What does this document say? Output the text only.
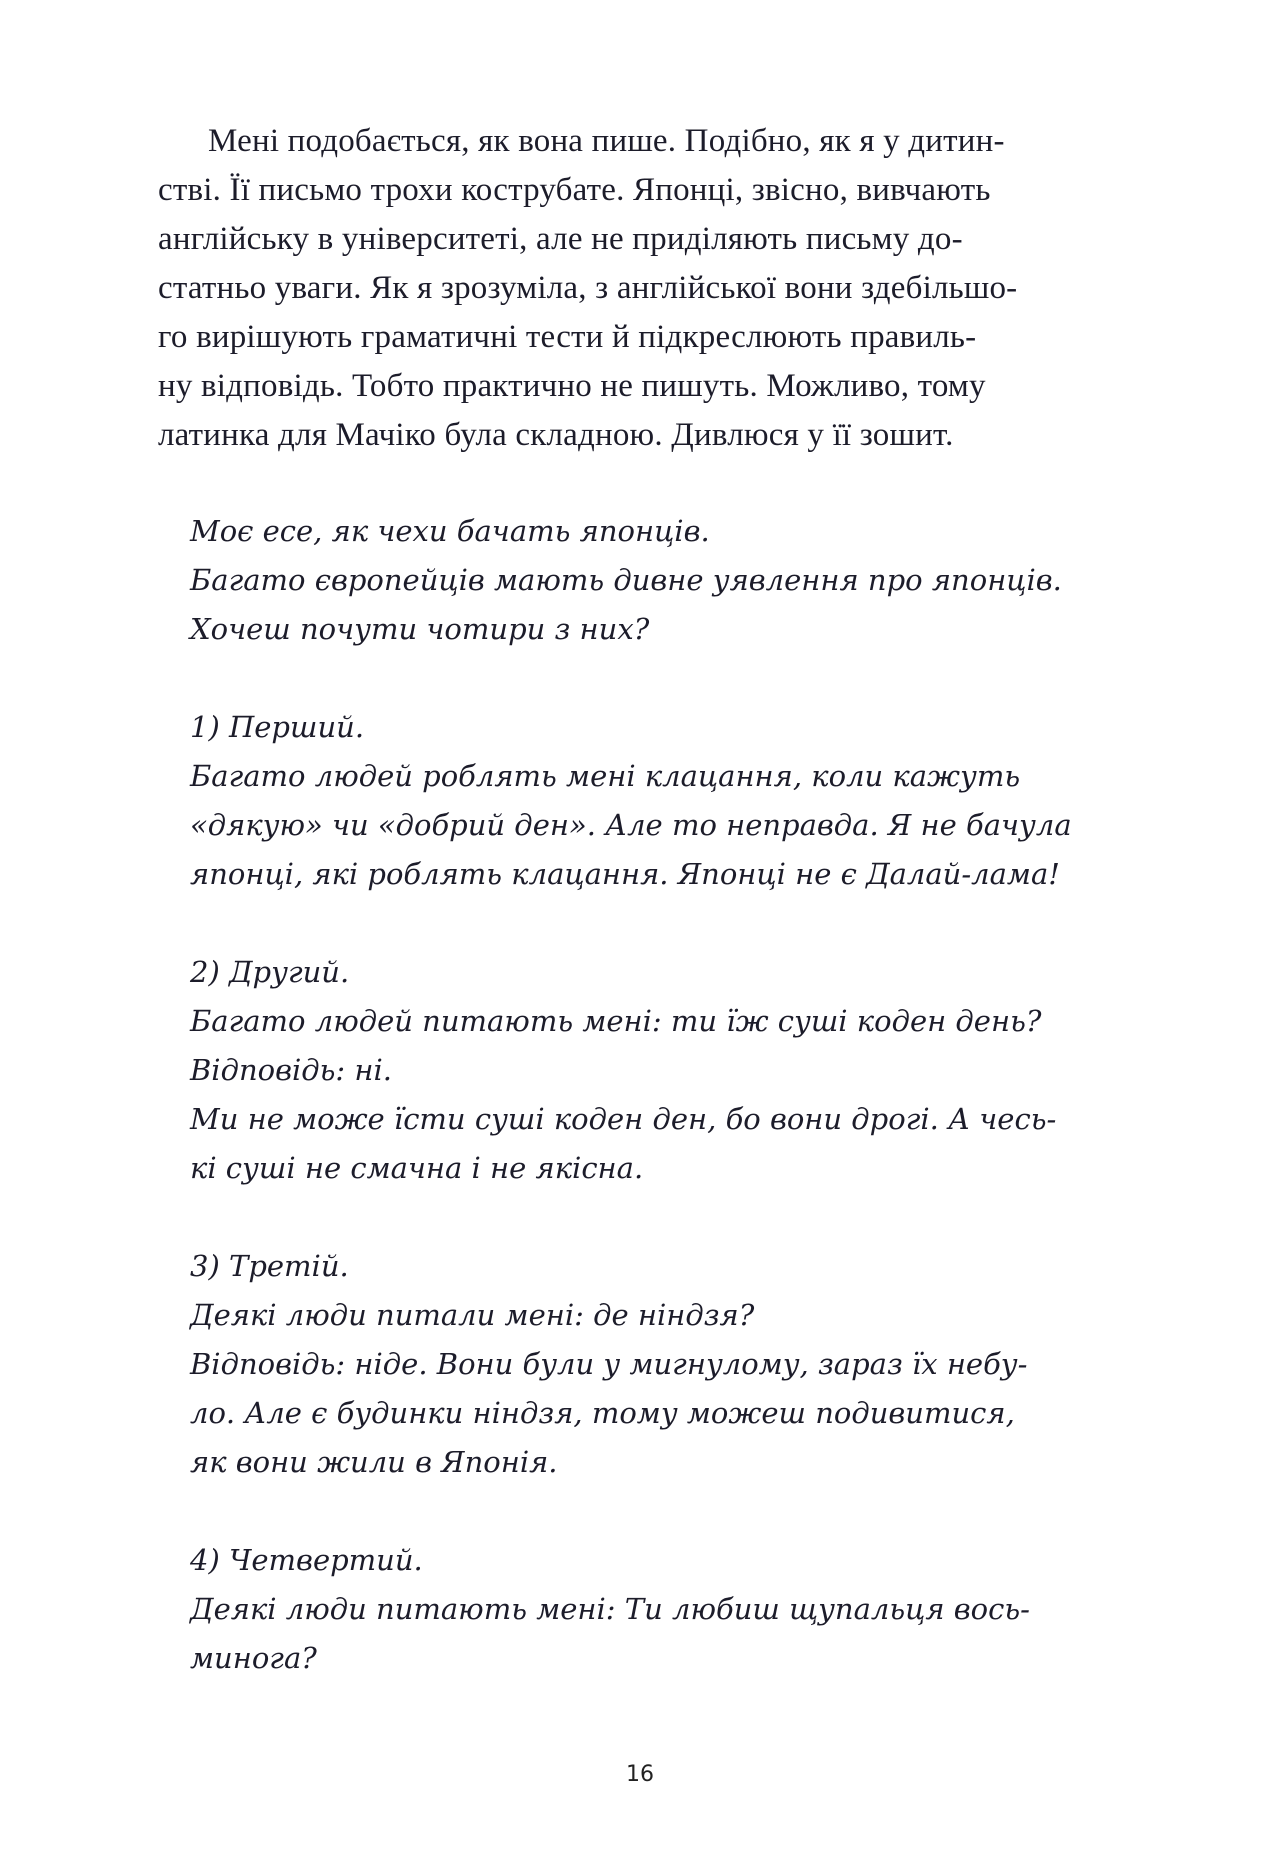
Мені подобається, як вона пише. Подібно, як я у дитин-
стві. Її письмо трохи кострубате. Японці, звісно, вивчають
англійську в університеті, але не приділяють письму до-
статньо уваги. Як я зрозуміла, з англійської вони здебільшо-
го вирішують граматичні тести й підкреслюють правиль-
ну відповідь. Тобто практично не пишуть. Можливо, тому
латинка для Мачіко була складною. Дивлюся у її зошит.
Моє есе, як чехи бачать японців.
Багато європейців мають дивне уявлення про японців.
Хочеш почути чотири з них?
1) Перший.
Багато людей роблять мені клацання, коли кажуть
«дякую» чи «добрий ден». Але то неправда. Я не бачула
японці, які роблять клацання. Японці не є Далай-лама!
2) Другий.
Багато людей питають мені: ти їж суші коден день?
Відповідь: ні.
Ми не може їсти суші коден ден, бо вони дрогі. А чесь-
кі суші не смачна і не якісна.
3) Третій.
Деякі люди питали мені: де ніндзя?
Відповідь: ніде. Вони були у мигнулому, зараз їх небу-
ло. Але є будинки ніндзя, тому можеш подивитися,
як вони жили в Японія.
4) Четвертий.
Деякі люди питають мені: Ти любиш щупальця вось-
минога?
16
